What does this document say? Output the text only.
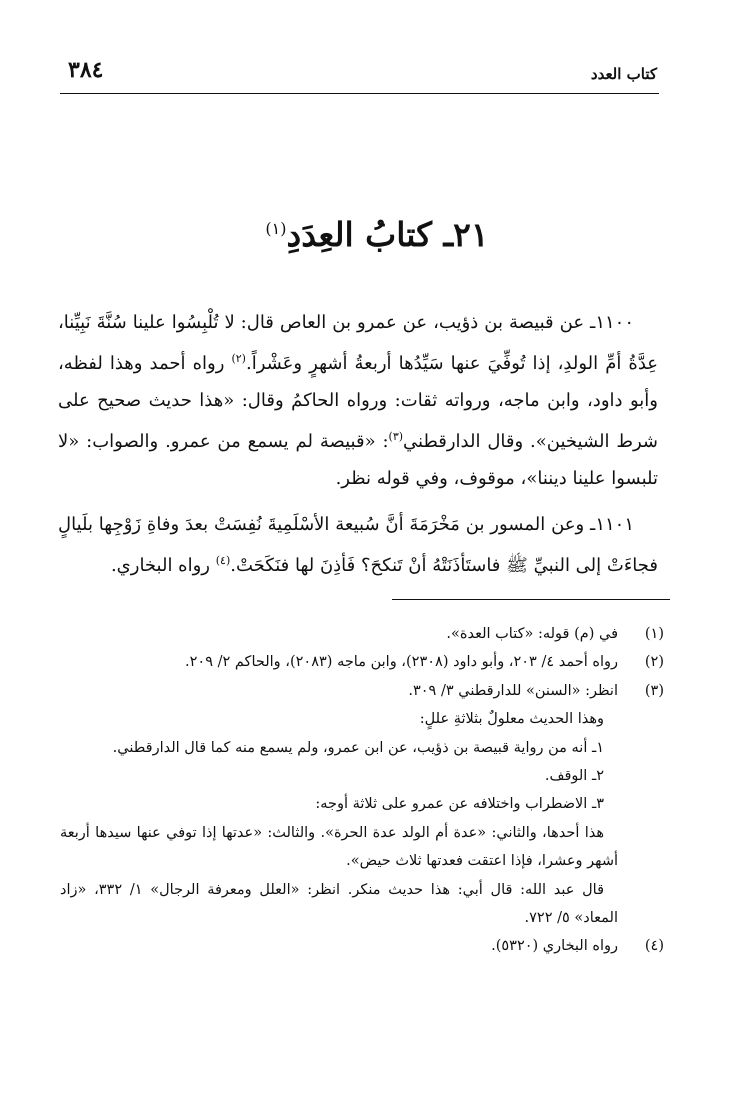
٣٨٤	كتاب العدد
٢١ـ كتابُ العِدَدِ$^{(١)}$

١١٠٠ـ عن قبيصة بن ذؤيب، عن عمرو بن العاص قال: لا تُلْبِسُوا علينا سُنَّةَ نَبِيِّنا، عِدَّةُ أمِّ الولدِ، إذا تُوفِّيَ عنها سَيِّدُها أربعةُ أشهرٍ وعَشْراً.$^{(٢)}$ رواه أحمد وهذا لفظه، وأبو داود، وابن ماجه، ورواته ثقات: ورواه الحاكمُ وقال: «هذا حديث صحيح على شرط الشيخين». وقال الدارقطني$^{(٣)}$: «قبيصة لم يسمع من عمرو. والصواب: «لا تلبسوا علينا ديننا»، موقوف، وفي قوله نظر.

١١٠١ـ وعن المسور بن مَخْرَمَةَ أنَّ سُبيعة الأسْلَمِيةَ نُفِسَتْ بعدَ وفاةِ زَوْجِها بلَيالٍ فجاءَتْ إلى النبيِّ ﷺ فاستَأذَنَتْهُ أنْ تَنكحَ؟ فَأذِنَ لها فنَكَحَتْ.$^{(٤)}$ رواه البخاري.

(١)
في (م) قوله: «كتاب العدة».
(٢)
رواه أحمد ٤/ ٢٠٣، وأبو داود (٢٣٠٨)، وابن ماجه (٢٠٨٣)، والحاكم ٢/ ٢٠٩.
(٣)
انظر: «السنن» للدارقطني ٣/ ٣٠٩.
وهذا الحديث معلولٌ بثلاثةِ عللٍ:
١ـ أنه من رواية قبيصة بن ذؤيب، عن ابن عمرو، ولم يسمع منه كما قال الدارقطني.
٢ـ الوقف.
٣ـ الاضطراب واختلافه عن عمرو على ثلاثة أوجه:
هذا أحدها، والثاني: «عدة أم الولد عدة الحرة». والثالث: «عدتها إذا توفي عنها سيدها أربعة أشهر وعشرا، فإذا اعتقت فعدتها ثلاث حيض».
قال عبد الله: قال أبي: هذا حديث منكر. انظر: «العلل ومعرفة الرجال» ١/ ٣٣٢، «زاد المعاد» ٥/ ٧٢٢.
(٤)
رواه البخاري (٥٣٢٠).
